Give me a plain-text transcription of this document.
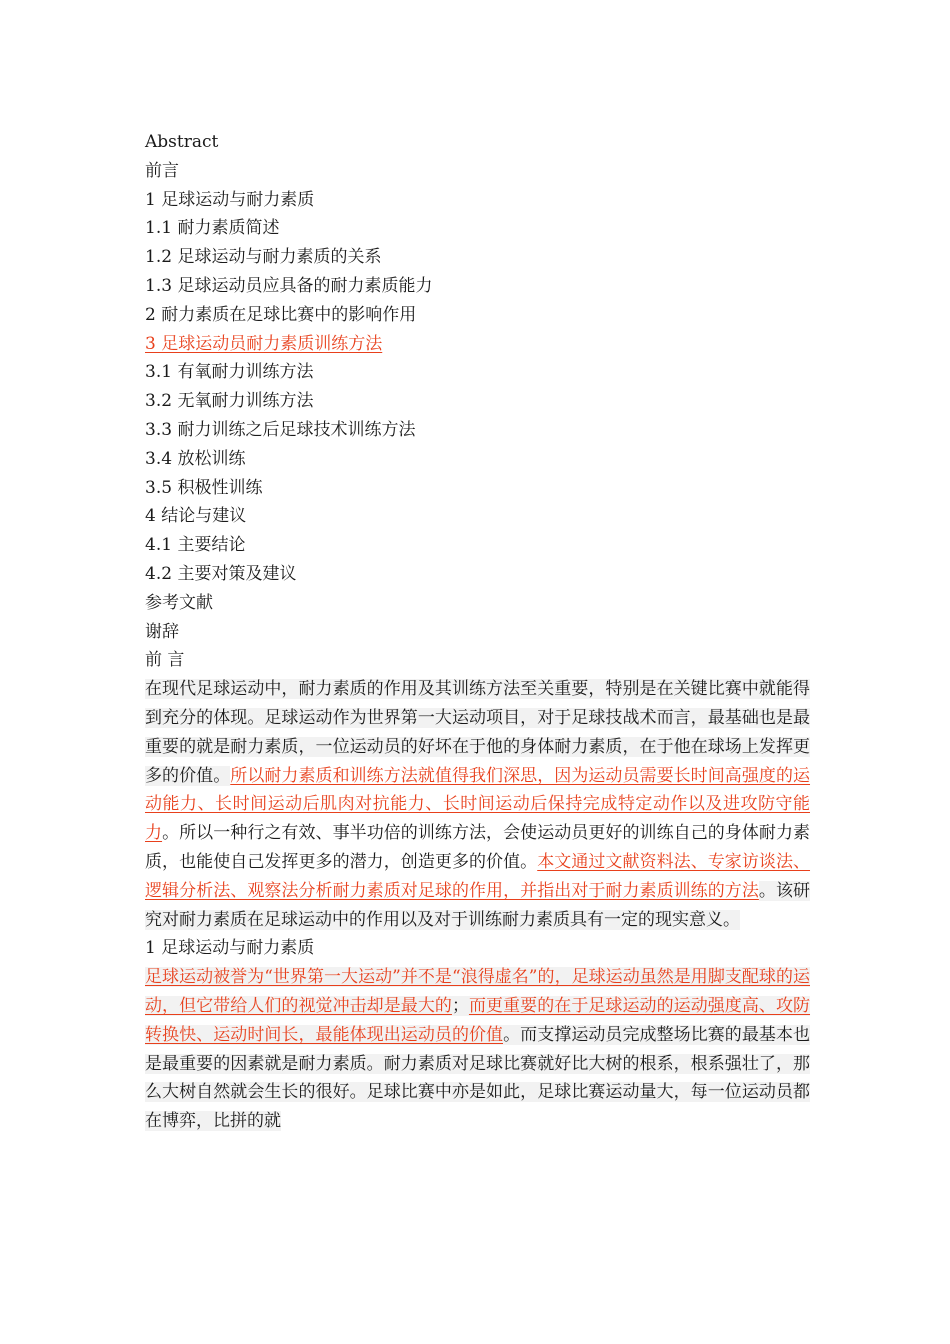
Abstract
前言
1 足球运动与耐力素质
1.1 耐力素质简述
1.2 足球运动与耐力素质的关系
1.3 足球运动员应具备的耐力素质能力
2 耐力素质在足球比赛中的影响作用
3 足球运动员耐力素质训练方法
3.1 有氧耐力训练方法
3.2 无氧耐力训练方法
3.3 耐力训练之后足球技术训练方法
3.4 放松训练
3.5 积极性训练
4 结论与建议
4.1 主要结论
4.2 主要对策及建议
参考文献
谢辞
前 言
在现代足球运动中，耐力素质的作用及其训练方法至关重要，特别是在关键比赛中就能得到充分的体现。足球运动作为世界第一大运动项目，对于足球技战术而言，最基础也是最重要的就是耐力素质，一位运动员的好坏在于他的身体耐力素质，在于他在球场上发挥更多的价值。所以耐力素质和训练方法就值得我们深思，因为运动员需要长时间高强度的运动能力、长时间运动后肌肉对抗能力、长时间运动后保持完成特定动作以及进攻防守能力。所以一种行之有效、事半功倍的训练方法，会使运动员更好的训练自己的身体耐力素质，也能使自己发挥更多的潜力，创造更多的价值。本文通过文献资料法、专家访谈法、逻辑分析法、观察法分析耐力素质对足球的作用，并指出对于耐力素质训练的方法。该研究对耐力素质在足球运动中的作用以及对于训练耐力素质具有一定的现实意义。
1 足球运动与耐力素质
足球运动被誉为“世界第一大运动”并不是“浪得虚名”的，足球运动虽然是用脚支配球的运动，但它带给人们的视觉冲击却是最大的；而更重要的在于足球运动的运动强度高、攻防转换快、运动时间长，最能体现出运动员的价值。而支撑运动员完成整场比赛的最基本也是最重要的因素就是耐力素质。耐力素质对足球比赛就好比大树的根系，根系强壮了，那么大树自然就会生长的很好。足球比赛中亦是如此，足球比赛运动量大，每一位运动员都在博弈，比拼的就
